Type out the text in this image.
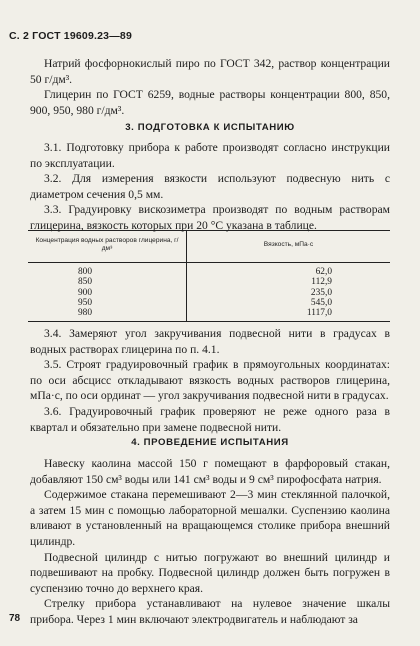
С. 2 ГОСТ 19609.23—89

Натрий фосфорнокислый пиро по ГОСТ 342, раствор концентрации 50 г/дм³.

Глицерин по ГОСТ 6259, водные растворы концентрации 800, 850, 900, 950, 980 г/дм³.

3. ПОДГОТОВКА К ИСПЫТАНИЮ

3.1. Подготовку прибора к работе производят согласно инструкции по эксплуатации.

3.2. Для измерения вязкости используют подвесную нить с диаметром сечения 0,5 мм.

3.3. Градуировку вискозиметра производят по водным растворам глицерина, вязкость которых при 20 °С указана в таблице.

Концентрация водных растворов глицерина, г/дм³	Вязкость, мПа·с
800	62,0
850	112,9
900	235,0
950	545,0
980	1117,0

3.4. Замеряют угол закручивания подвесной нити в градусах в водных растворах глицерина по п. 4.1.

3.5. Строят градуировочный график в прямоугольных координатах: по оси абсцисс откладывают вязкость водных растворов глицерина, мПа·с, по оси ординат — угол закручивания подвесной нити в градусах.

3.6. Градуировочный график проверяют не реже одного раза в квартал и обязательно при замене подвесной нити.

4. ПРОВЕДЕНИЕ ИСПЫТАНИЯ

Навеску каолина массой 150 г помещают в фарфоровый стакан, добавляют 150 см³ воды или 141 см³ воды и 9 см³ пирофосфата натрия.

Содержимое стакана перемешивают 2—3 мин стеклянной палочкой, а затем 15 мин с помощью лабораторной мешалки. Суспензию каолина вливают в установленный на вращающемся столике прибора внешний цилиндр.

Подвесной цилиндр с нитью погружают во внешний цилиндр и подвешивают на пробку. Подвесной цилиндр должен быть погружен в суспензию точно до верхнего края.

Стрелку прибора устанавливают на нулевое значение шкалы прибора. Через 1 мин включают электродвигатель и наблюдают за

78
